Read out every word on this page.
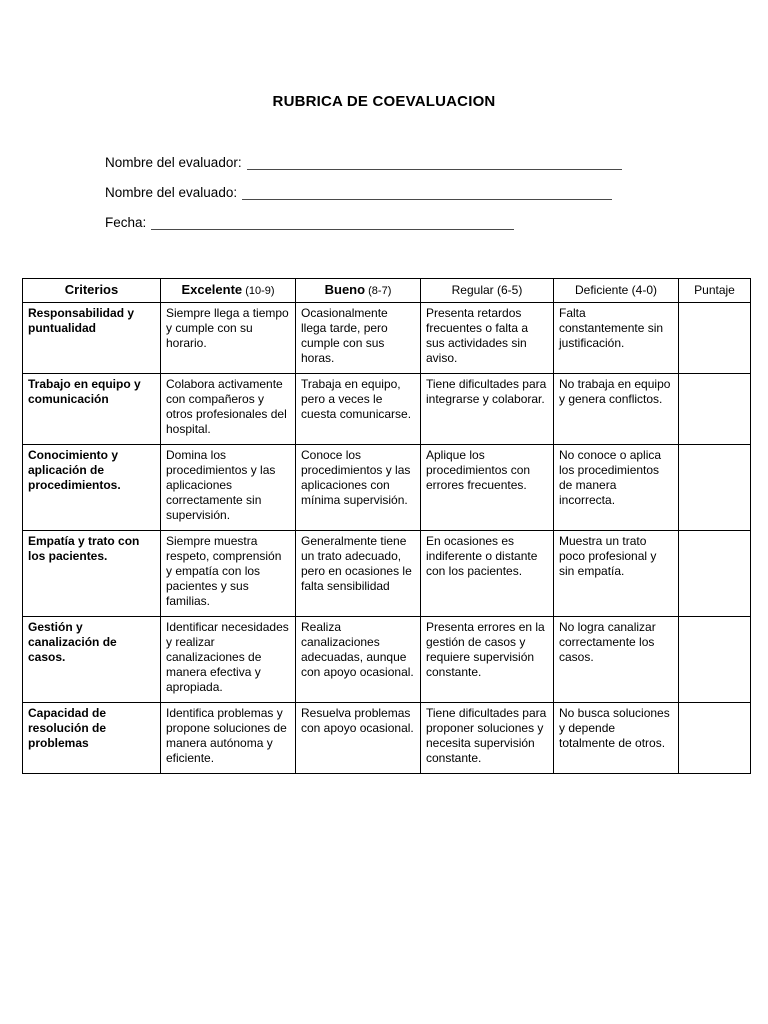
RUBRICA DE COEVALUACION
Nombre del evaluador:
Nombre del evaluado:
Fecha:
Criterios	Excelente (10-9)	Bueno (8-7)	Regular (6-5)	Deficiente (4-0)	Puntaje
Responsabilidad y puntualidad	Siempre llega a tiempo y cumple con su horario.	Ocasionalmente llega tarde, pero cumple con sus horas.	Presenta retardos frecuentes o falta a sus actividades sin aviso.	Falta constantemente sin justificación.	
Trabajo en equipo y comunicación	Colabora activamente con compañeros y otros profesionales del hospital.	Trabaja en equipo, pero a veces le cuesta comunicarse.	Tiene dificultades para integrarse y colaborar.	No trabaja en equipo y genera conflictos.	
Conocimiento y aplicación de procedimientos.	Domina los procedimientos y las aplicaciones correctamente sin supervisión.	Conoce los procedimientos y las aplicaciones con mínima supervisión.	Aplique los procedimientos con errores frecuentes.	No conoce o aplica los procedimientos de manera incorrecta.	
Empatía y trato con los pacientes.	Siempre muestra respeto, comprensión y empatía con los pacientes y sus familias.	Generalmente tiene un trato adecuado, pero en ocasiones le falta sensibilidad	En ocasiones es indiferente o distante con los pacientes.	Muestra un trato poco profesional y sin empatía.	
Gestión y canalización de casos.	Identificar necesidades y realizar canalizaciones de manera efectiva y apropiada.	Realiza canalizaciones adecuadas, aunque con apoyo ocasional.	Presenta errores en la gestión de casos y requiere supervisión constante.	No logra canalizar correctamente los casos.	
Capacidad de resolución de problemas	Identifica problemas y propone soluciones de manera autónoma y eficiente.	Resuelva problemas con apoyo ocasional.	Tiene dificultades para proponer soluciones y necesita supervisión constante.	No busca soluciones y depende totalmente de otros.	
